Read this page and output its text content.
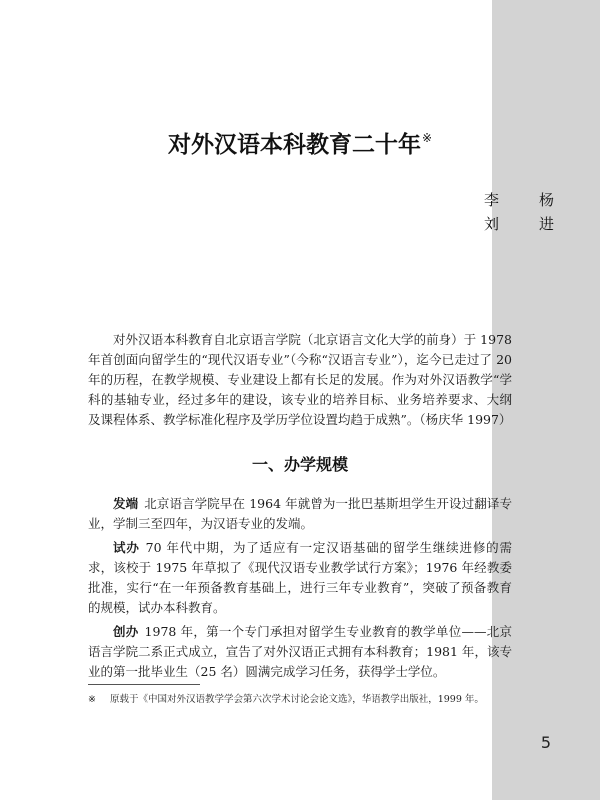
对外汉语本科教育二十年※
李	杨
刘	进

对外汉语本科教育自北京语言学院（北京语言文化大学的前身）于 1978 年首创面向留学生的“现代汉语专业”（今称“汉语言专业”），迄今已走过了 20 年的历程，在教学规模、专业建设上都有长足的发展。作为对外汉语教学“学科的基轴专业，经过多年的建设，该专业的培养目标、业务培养要求、大纲及课程体系、教学标准化程序及学历学位设置均趋于成熟”。（杨庆华 1997）

一、办学规模

发端 北京语言学院早在 1964 年就曾为一批巴基斯坦学生开设过翻译专业，学制三至四年，为汉语专业的发端。

试办 70 年代中期，为了适应有一定汉语基础的留学生继续进修的需求，该校于 1975 年草拟了《现代汉语专业教学试行方案》；1976 年经教委批准，实行“在一年预备教育基础上，进行三年专业教育”，突破了预备教育的规模，试办本科教育。

创办 1978 年，第一个专门承担对留学生专业教育的教学单位——北京语言学院二系正式成立，宣告了对外汉语正式拥有本科教育；1981 年，该专业的第一批毕业生（25 名）圆满完成学习任务，获得学士学位。

※ 原载于《中国对外汉语教学学会第六次学术讨论会论文选》，华语教学出版社，1999 年。
5
